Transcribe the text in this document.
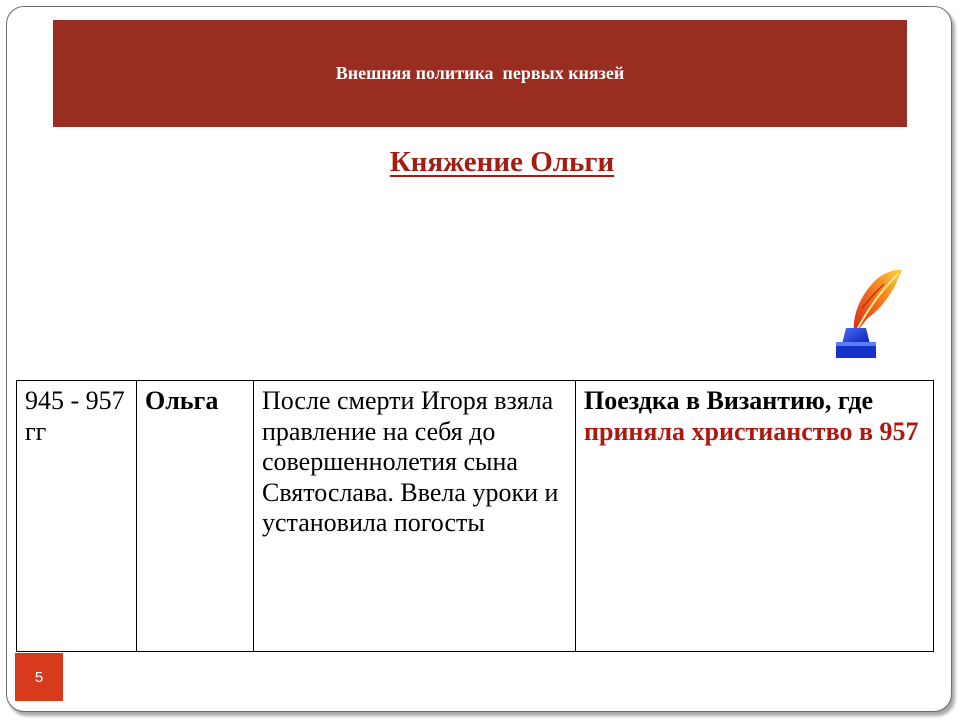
Внешняя политика  первых князей
Княжение Ольги
945 - 957 гг	Ольга	После смерти Игоря взяла правление на себя до совершеннолетия сына Святослава. Ввела уроки и установила погосты	Поездка в Византию, где приняла христианство в 957
5
